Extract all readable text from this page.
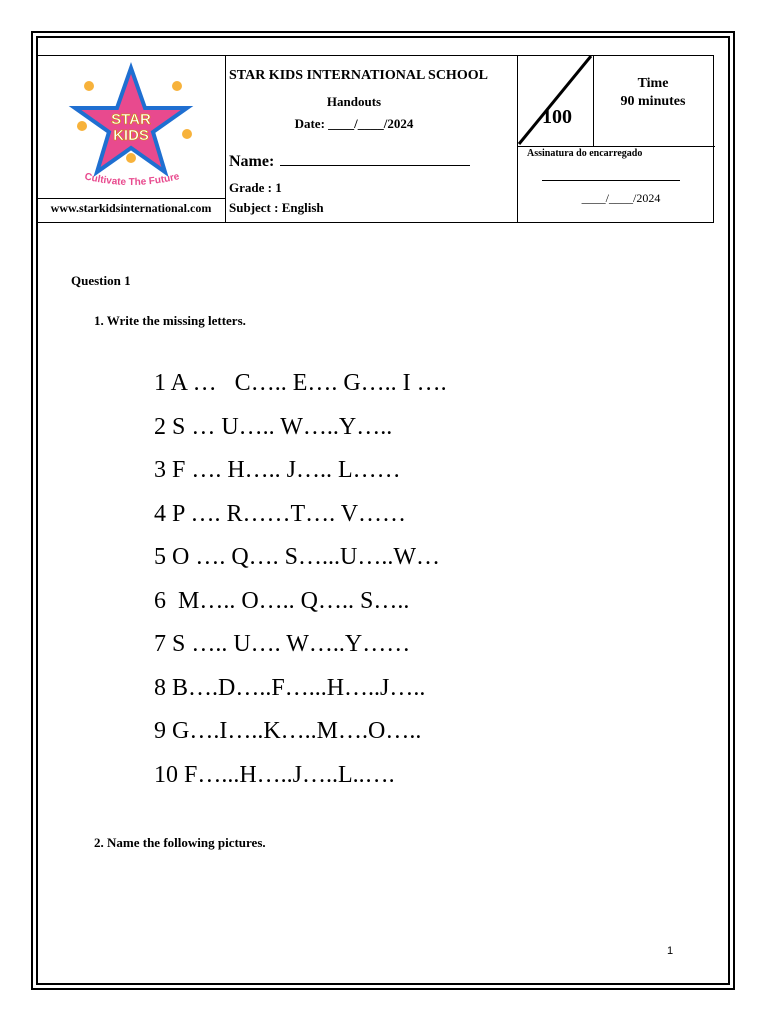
STAR
KIDS
Cultivate The Future
www.starkidsinternational.com
STAR KIDS INTERNATIONAL SCHOOL
Handouts
Date: ____/____/2024
Name:
Grade : 1
Subject : English
100
Time
90 minutes
Assinatura do encarregado
____/____/2024
Question 1
1. Write the missing letters.
1 A …   C….. E…. G….. I ….
2 S … U….. W…..Y…..
3 F …. H….. J….. L……
4 P …. R……T…. V……
5 O …. Q…. S…...U…..W…
6  M….. O….. Q….. S…..
7 S ….. U…. W…..Y……
8 B….D…..F…...H…..J…..
9 G….I…..K…..M….O…..
10 F…...H…..J…..L..….
2. Name the following pictures.
1
